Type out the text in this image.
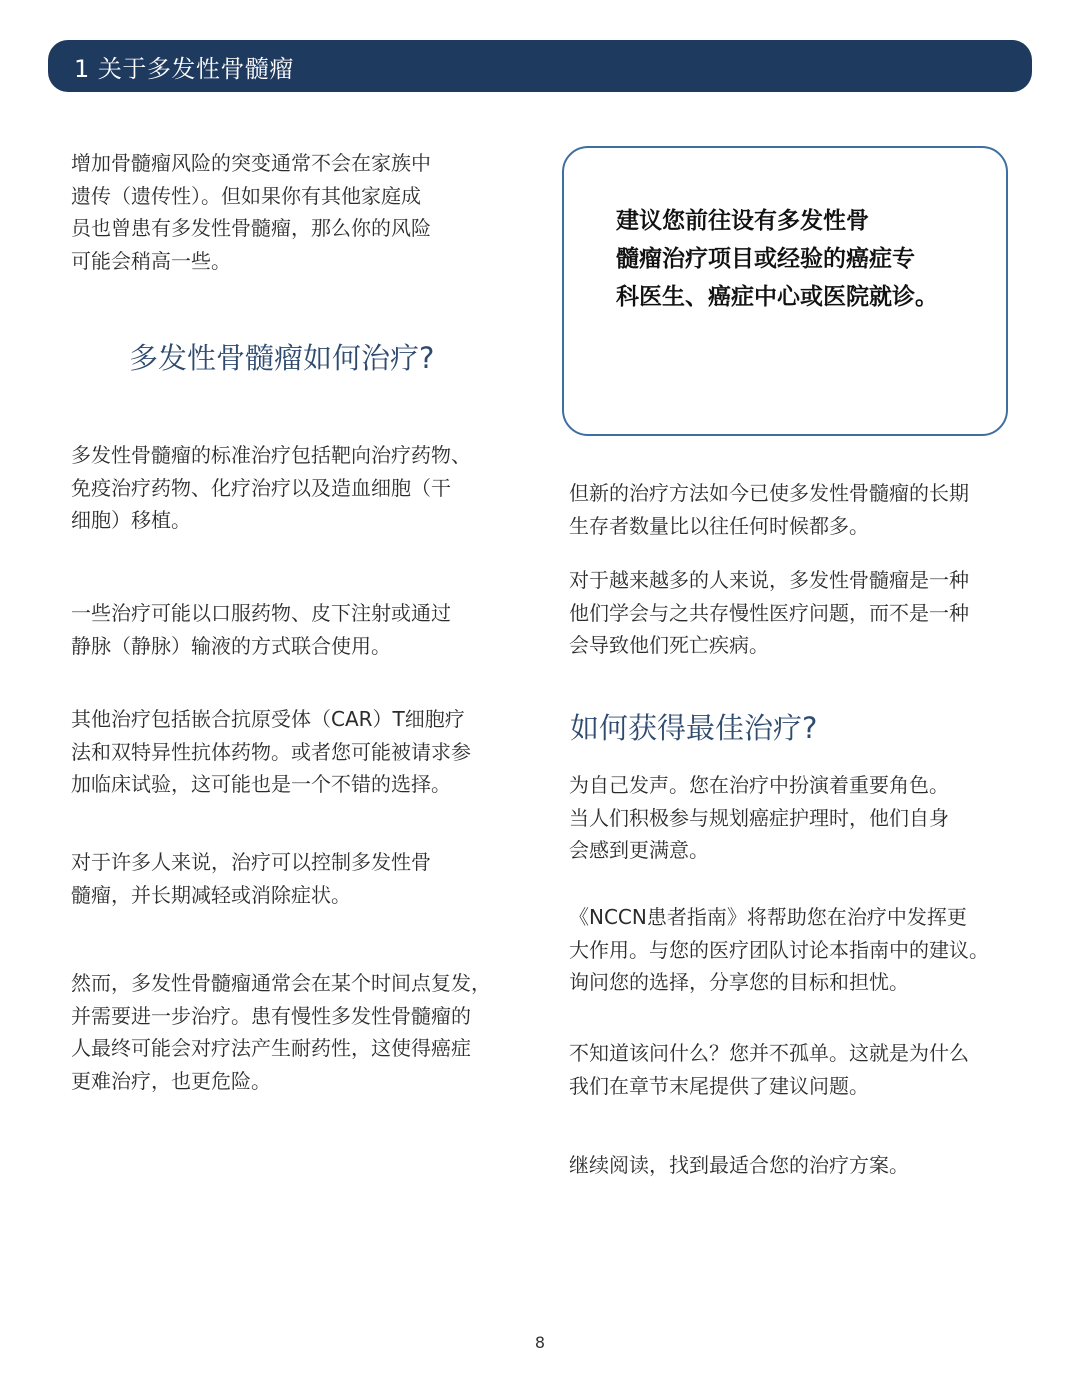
1 关于多发性骨髓瘤

增加骨髓瘤风险的突变通常不会在家族中
遗传（遗传性）。但如果你有其他家庭成
员也曾患有多发性骨髓瘤，那么你的风险
可能会稍高一些。

多发性骨髓瘤如何治疗?

多发性骨髓瘤的标准治疗包括靶向治疗药物、
免疫治疗药物、化疗治疗以及造血细胞（干
细胞）移植。

一些治疗可能以口服药物、皮下注射或通过
静脉（静脉）输液的方式联合使用。

其他治疗包括嵌合抗原受体（CAR）T细胞疗
法和双特异性抗体药物。或者您可能被请求参
加临床试验，这可能也是一个不错的选择。

对于许多人来说，治疗可以控制多发性骨
髓瘤，并长期减轻或消除症状。

然而，多发性骨髓瘤通常会在某个时间点复发，
并需要进一步治疗。患有慢性多发性骨髓瘤的
人最终可能会对疗法产生耐药性，这使得癌症
更难治疗，也更危险。

建议您前往设有多发性骨
髓瘤治疗项目或经验的癌症专
科医生、癌症中心或医院就诊。

但新的治疗方法如今已使多发性骨髓瘤的长期
生存者数量比以往任何时候都多。

对于越来越多的人来说，多发性骨髓瘤是一种
他们学会与之共存慢性医疗问题，而不是一种
会导致他们死亡疾病。

如何获得最佳治疗?

为自己发声。您在治疗中扮演着重要角色。
当人们积极参与规划癌症护理时，他们自身
会感到更满意。

《NCCN患者指南》将帮助您在治疗中发挥更
大作用。与您的医疗团队讨论本指南中的建议。
询问您的选择，分享您的目标和担忧。

不知道该问什么？您并不孤单。这就是为什么
我们在章节末尾提供了建议问题。

继续阅读，找到最适合您的治疗方案。

8
